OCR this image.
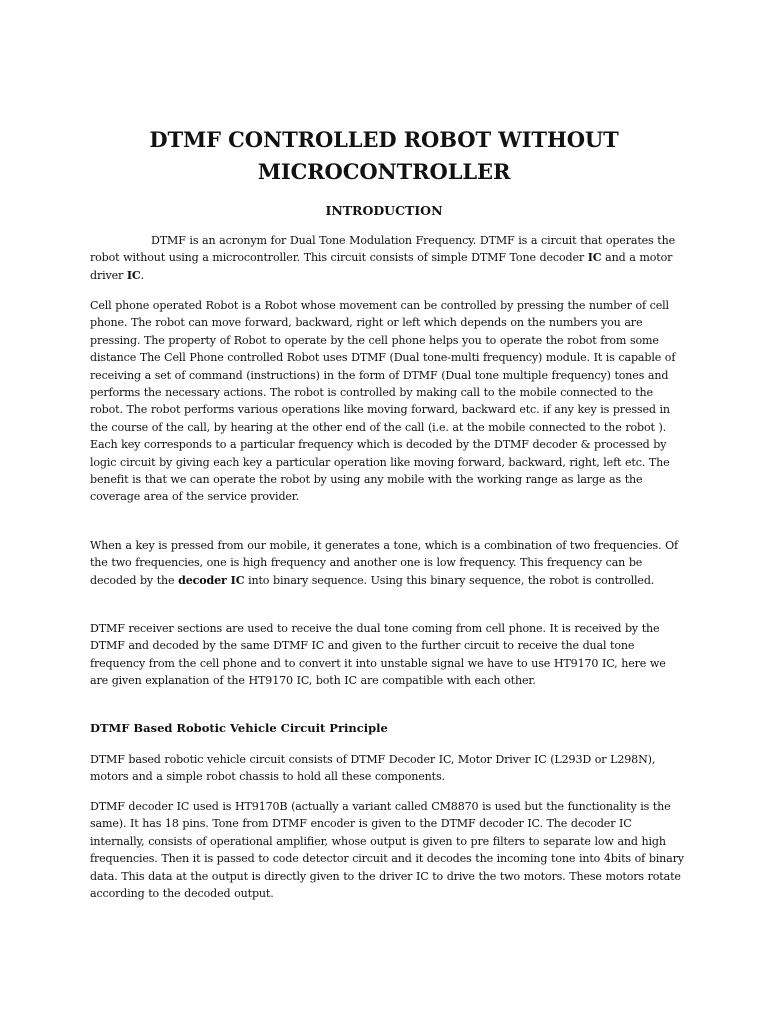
DTMF CONTROLLED ROBOT WITHOUT
MICROCONTROLLER
INTRODUCTION

DTMF is an acronym for Dual Tone Modulation Frequency. DTMF is a circuit that operates the robot without using a microcontroller. This circuit consists of simple DTMF Tone decoder IC and a motor driver IC.

Cell phone operated Robot is a Robot whose movement can be controlled by pressing the number of cell phone. The robot can move forward, backward, right or left which depends on the numbers you are pressing. The property of Robot to operate by the cell phone helps you to operate the robot from some distance The Cell Phone controlled Robot uses DTMF (Dual tone-multi frequency) module. It is capable of receiving a set of command (instructions) in the form of DTMF (Dual tone multiple frequency) tones and performs the necessary actions. The robot is controlled by making call to the mobile connected to the robot. The robot performs various operations like moving forward, backward etc. if any key is pressed in the course of the call, by hearing at the other end of the call (i.e. at the mobile connected to the robot ). Each key corresponds to a particular frequency which is decoded by the DTMF decoder & processed by logic circuit by giving each key a particular operation like moving forward, backward, right, left etc. The benefit is that we can operate the robot by using any mobile with the working range as large as the coverage area of the service provider.

When a key is pressed from our mobile, it generates a tone, which is a combination of two frequencies. Of the two frequencies, one is high frequency and another one is low frequency. This frequency can be decoded by the decoder IC into binary sequence. Using this binary sequence, the robot is controlled.

DTMF receiver sections are used to receive the dual tone coming from cell phone. It is received by the DTMF and decoded by the same DTMF IC and given to the further circuit to receive the dual tone frequency from the cell phone and to convert it into unstable signal we have to use HT9170 IC, here we are given explanation of the HT9170 IC, both IC are compatible with each other.

DTMF Based Robotic Vehicle Circuit Principle

DTMF based robotic vehicle circuit consists of DTMF Decoder IC, Motor Driver IC (L293D or L298N), motors and a simple robot chassis to hold all these components.

DTMF decoder IC used is HT9170B (actually a variant called CM8870 is used but the functionality is the same). It has 18 pins. Tone from DTMF encoder is given to the DTMF decoder IC. The decoder IC internally, consists of operational amplifier, whose output is given to pre filters to separate low and high frequencies. Then it is passed to code detector circuit and it decodes the incoming tone into 4bits of binary data. This data at the output is directly given to the driver IC to drive the two motors. These motors rotate according to the decoded output.
